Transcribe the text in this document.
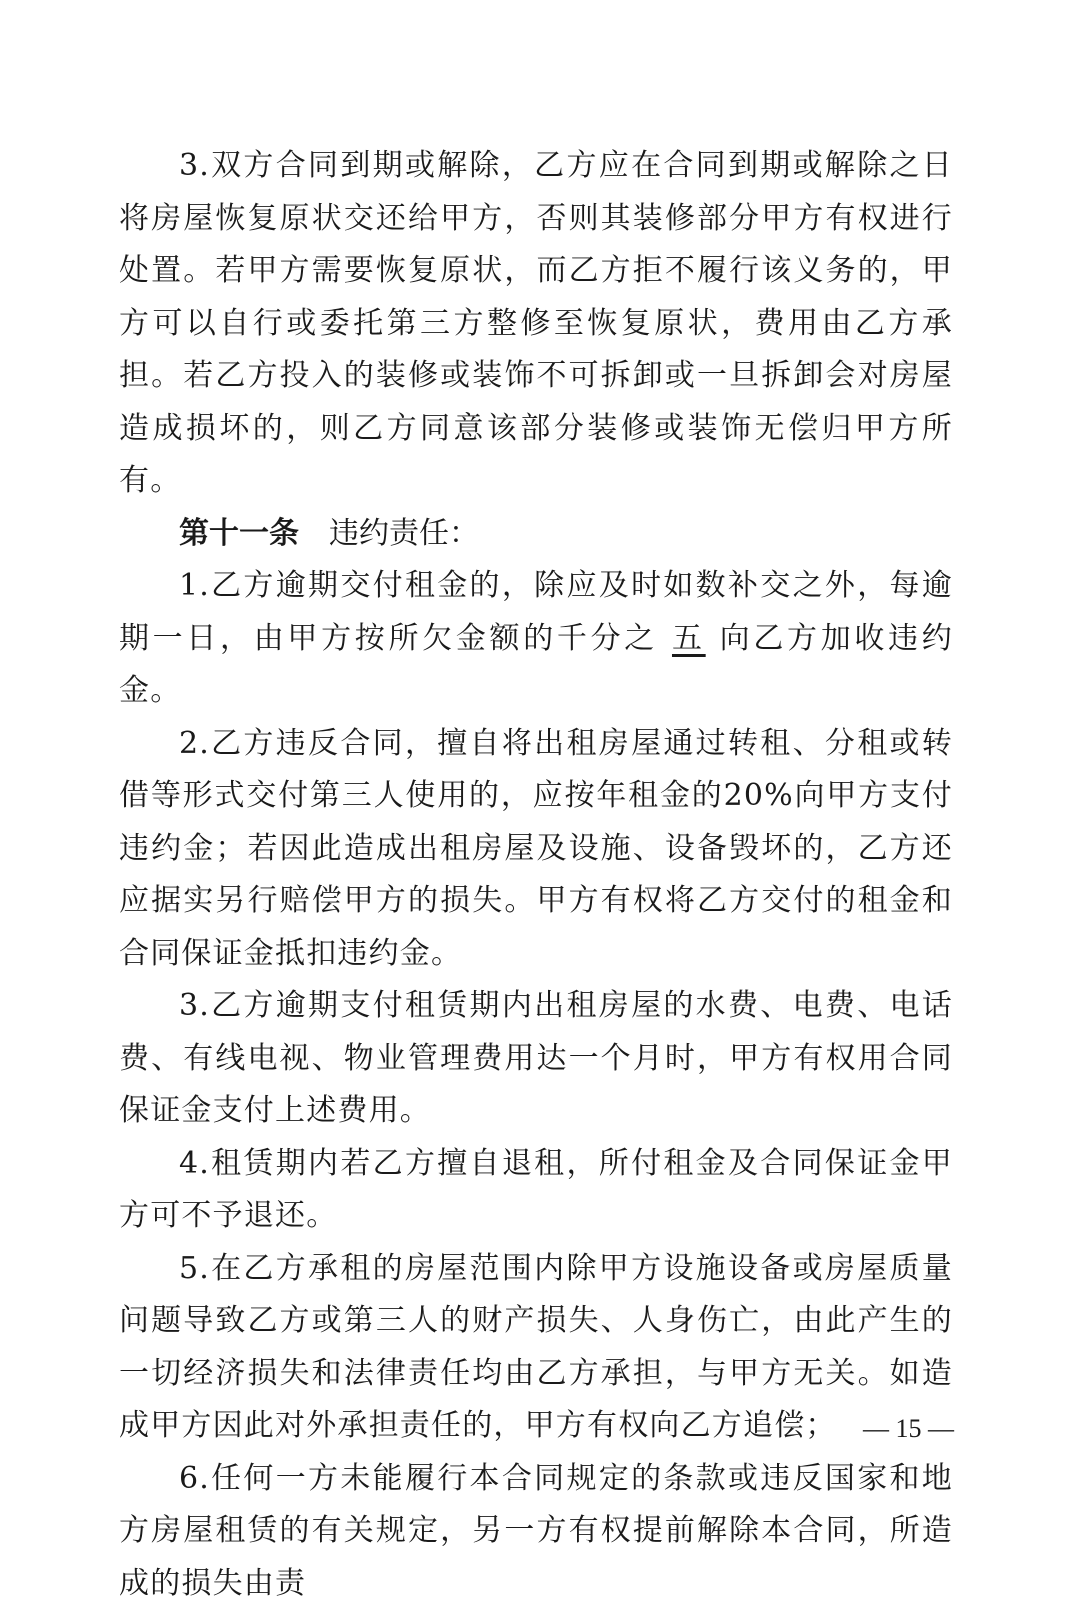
3.双方合同到期或解除，乙方应在合同到期或解除之日将房屋恢复原状交还给甲方，否则其装修部分甲方有权进行处置。若甲方需要恢复原状，而乙方拒不履行该义务的，甲方可以自行或委托第三方整修至恢复原状，费用由乙方承担。若乙方投入的装修或装饰不可拆卸或一旦拆卸会对房屋造成损坏的，则乙方同意该部分装修或装饰无偿归甲方所有。

第十一条 违约责任：

1.乙方逾期交付租金的，除应及时如数补交之外，每逾期一日，由甲方按所欠金额的千分之 五 向乙方加收违约金。

2.乙方违反合同，擅自将出租房屋通过转租、分租或转借等形式交付第三人使用的，应按年租金的20%向甲方支付违约金；若因此造成出租房屋及设施、设备毁坏的，乙方还应据实另行赔偿甲方的损失。甲方有权将乙方交付的租金和合同保证金抵扣违约金。

3.乙方逾期支付租赁期内出租房屋的水费、电费、电话费、有线电视、物业管理费用达一个月时，甲方有权用合同保证金支付上述费用。

4.租赁期内若乙方擅自退租，所付租金及合同保证金甲方可不予退还。

5.在乙方承租的房屋范围内除甲方设施设备或房屋质量问题导致乙方或第三人的财产损失、人身伤亡，由此产生的一切经济损失和法律责任均由乙方承担，与甲方无关。如造成甲方因此对外承担责任的，甲方有权向乙方追偿；

6.任何一方未能履行本合同规定的条款或违反国家和地方房屋租赁的有关规定，另一方有权提前解除本合同，所造成的损失由责

— 15 —
